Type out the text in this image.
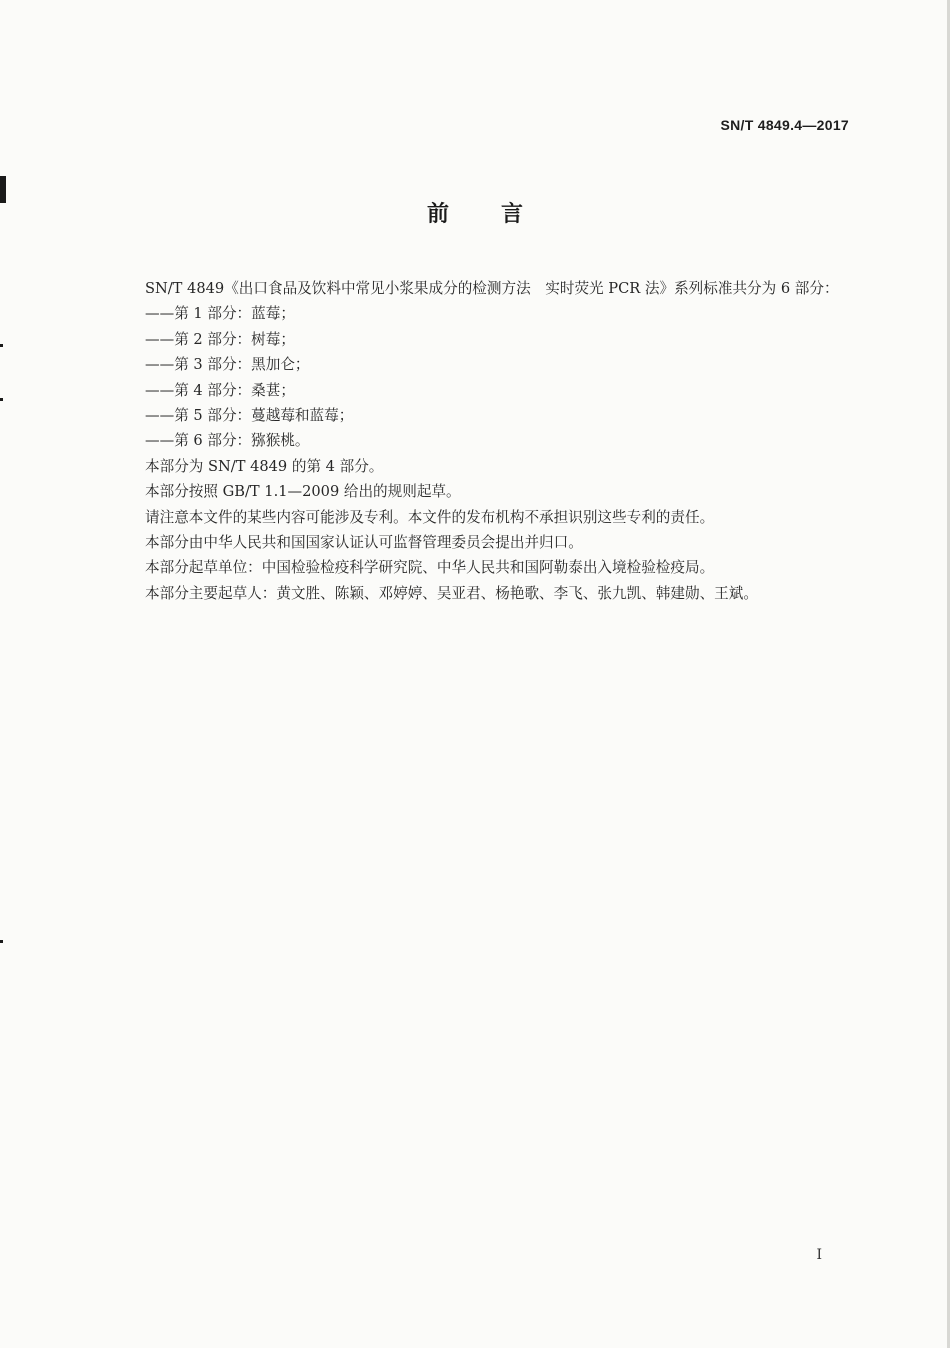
SN/T 4849.4—2017
前言

SN/T 4849《出口食品及饮料中常见小浆果成分的检测方法　实时荧光 PCR 法》系列标准共分为 6 部分：

——第 1 部分：蓝莓；

——第 2 部分：树莓；

——第 3 部分：黑加仑；

——第 4 部分：桑葚；

——第 5 部分：蔓越莓和蓝莓；

——第 6 部分：猕猴桃。

本部分为 SN/T 4849 的第 4 部分。

本部分按照 GB/T 1.1—2009 给出的规则起草。

请注意本文件的某些内容可能涉及专利。本文件的发布机构不承担识别这些专利的责任。

本部分由中华人民共和国国家认证认可监督管理委员会提出并归口。

本部分起草单位：中国检验检疫科学研究院、中华人民共和国阿勒泰出入境检验检疫局。

本部分主要起草人：黄文胜、陈颖、邓婷婷、吴亚君、杨艳歌、李飞、张九凯、韩建勋、王斌。

I
